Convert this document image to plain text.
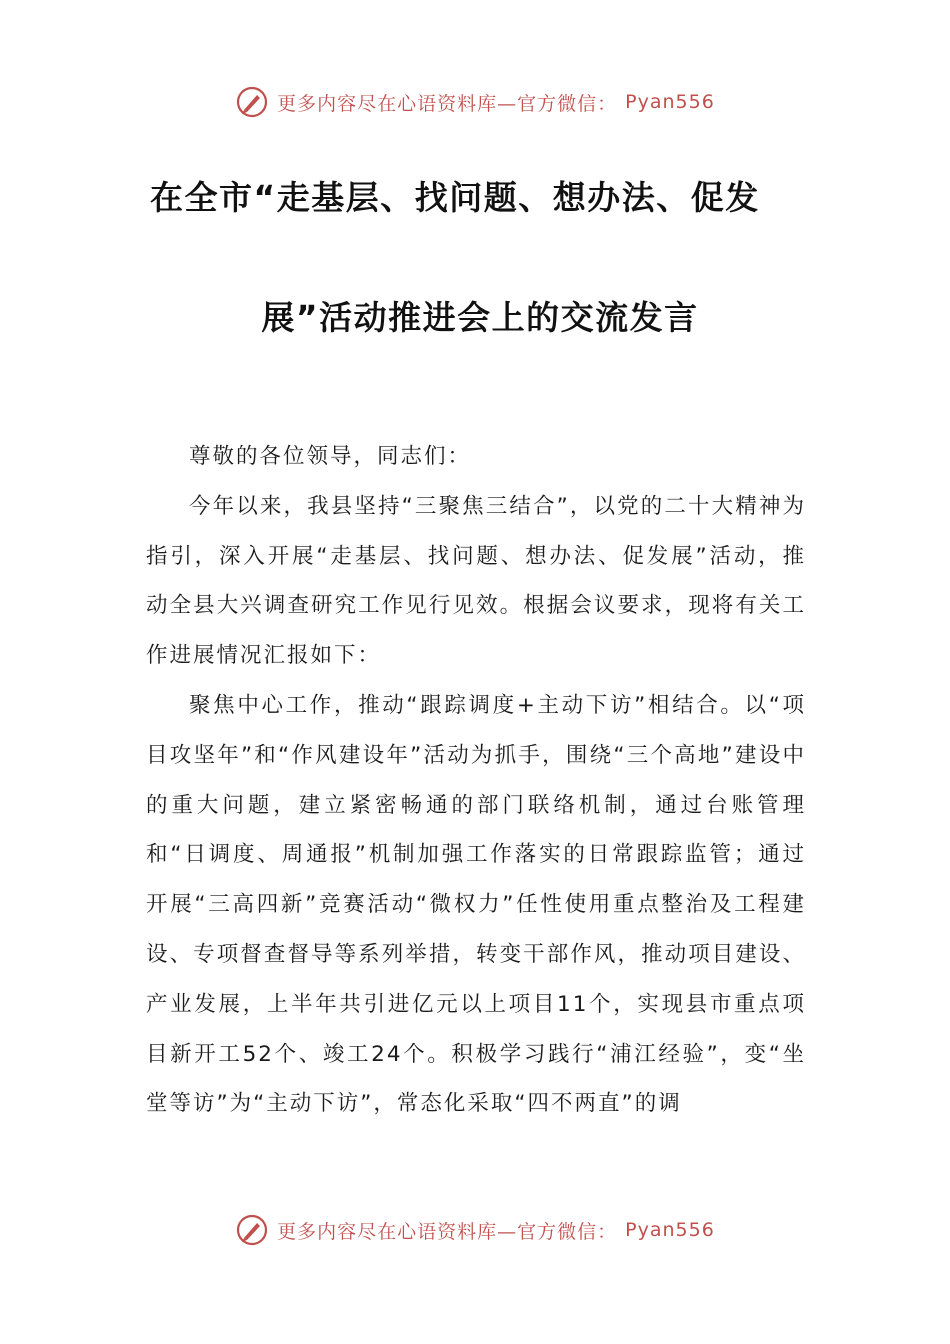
更多内容尽在心语资料库—官方微信： Pyan556
在全市“走基层、找问题、想办法、促发
展”活动推进会上的交流发言

尊敬的各位领导，同志们：

今年以来，我县坚持“三聚焦三结合”，以党的二十大精神为指引，深入开展“走基层、找问题、想办法、促发展”活动，推动全县大兴调查研究工作见行见效。根据会议要求，现将有关工作进展情况汇报如下：

聚焦中心工作，推动“跟踪调度+主动下访”相结合。以“项目攻坚年”和“作风建设年”活动为抓手，围绕“三个高地”建设中的重大问题，建立紧密畅通的部门联络机制，通过台账管理和“日调度、周通报”机制加强工作落实的日常跟踪监管；通过开展“三高四新”竞赛活动“微权力”任性使用重点整治及工程建设、专项督查督导等系列举措，转变干部作风，推动项目建设、产业发展，上半年共引进亿元以上项目11个，实现县市重点项目新开工52个、竣工24个。积极学习践行“浦江经验”，变“坐堂等访”为“主动下访”，常态化采取“四不两直”的调

更多内容尽在心语资料库—官方微信： Pyan556
